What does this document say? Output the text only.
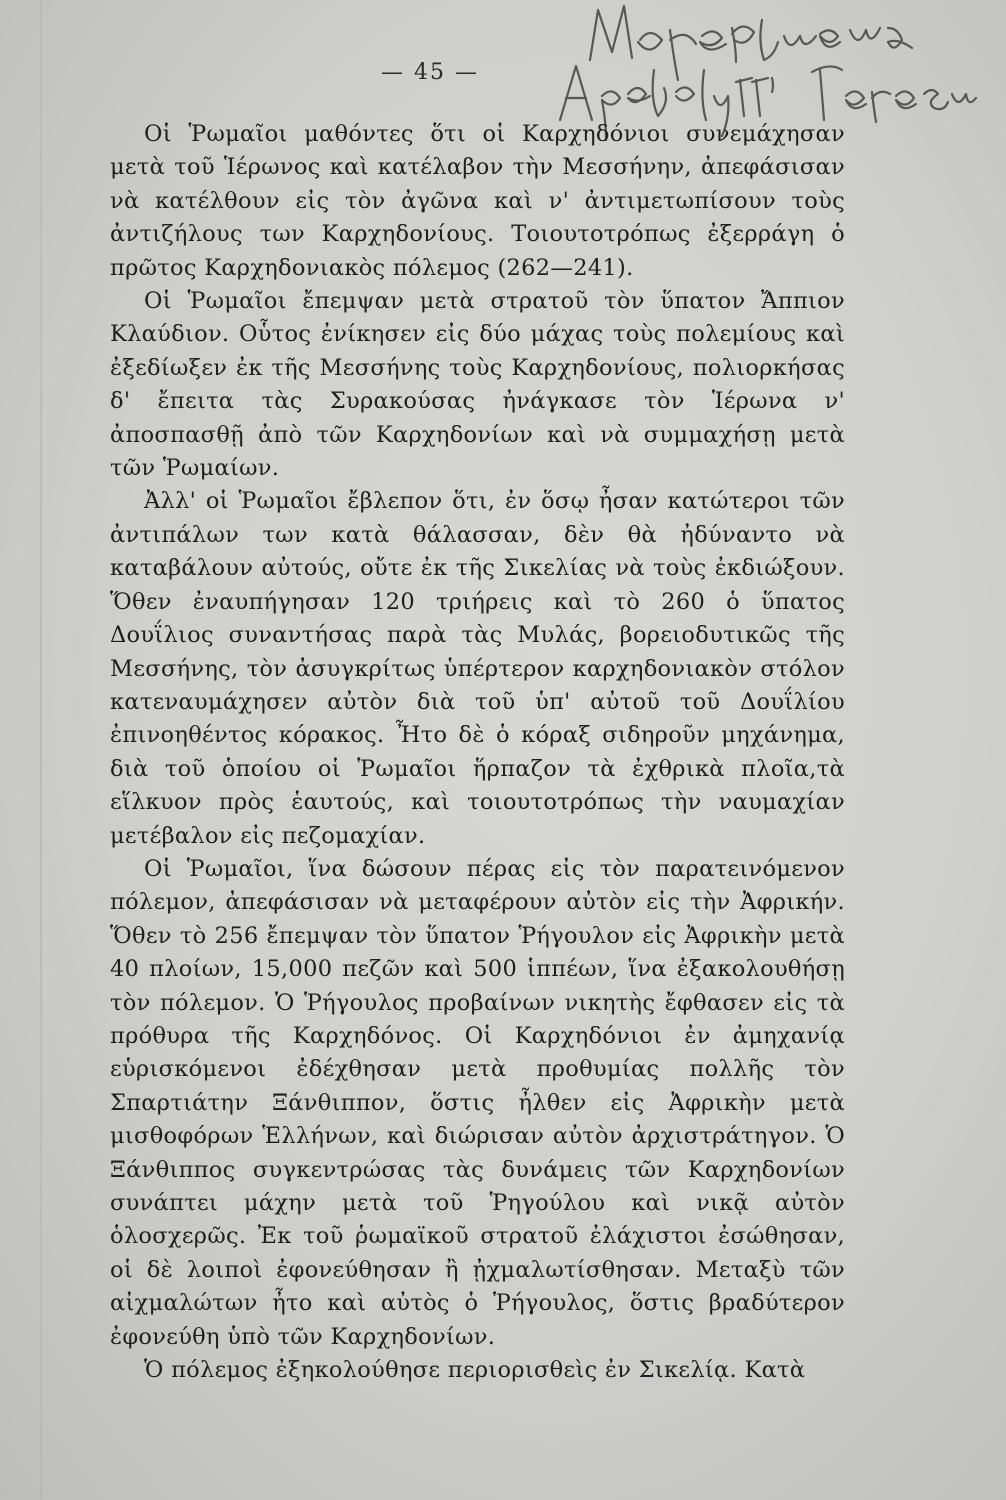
— 45 —

Οἱ Ῥωμαῖοι μαθόντες ὅτι οἱ Καρχηδόνιοι συνεμάχησαν μετὰ τοῦ Ἱέρωνος καὶ κατέλαβον τὴν Μεσσήνην, ἀπεφάσισαν νὰ κατέλθουν εἰς τὸν ἀγῶνα καὶ ν' ἀντιμετωπίσουν τοὺς ἀντιζήλους των Καρχηδονίους. Τοιουτοτρόπως ἐξερράγη ὁ πρῶτος Καρχηδονιακὸς πόλεμος (262—241).

Οἱ Ῥωμαῖοι ἔπεμψαν μετὰ στρατοῦ τὸν ὕπατον Ἄππιον Κλαύδιον. Οὗτος ἐνίκησεν εἰς δύο μάχας τοὺς πολεμίους καὶ ἐξεδίωξεν ἐκ τῆς Μεσσήνης τοὺς Καρχηδονίους, πολιορκήσας δ' ἔπειτα τὰς Συρακούσας ἠνάγκασε τὸν Ἱέρωνα ν' ἀποσπασθῇ ἀπὸ τῶν Καρχηδονίων καὶ νὰ συμμαχήσῃ μετὰ τῶν Ῥωμαίων.

Ἀλλ' οἱ Ῥωμαῖοι ἔβλεπον ὅτι, ἐν ὅσῳ ἦσαν κατώτεροι τῶν ἀντιπάλων των κατὰ θάλασσαν, δὲν θὰ ἠδύναντο νὰ καταβάλουν αὐτούς, οὔτε ἐκ τῆς Σικελίας νὰ τοὺς ἐκδιώξουν. Ὅθεν ἐναυπήγησαν 120 τριήρεις καὶ τὸ 260 ὁ ὕπατος Δουΐλιος συναντήσας παρὰ τὰς Μυλάς, βορειοδυτικῶς τῆς Μεσσήνης, τὸν ἀσυγκρίτως ὑπέρτερον καρχηδονιακὸν στόλον κατεναυμάχησεν αὐτὸν διὰ τοῦ ὑπ' αὐτοῦ τοῦ Δουΐλίου ἐπινοηθέντος κόρακος. Ἦτο δὲ ὁ κόραξ σιδηροῦν μηχάνημα, διὰ τοῦ ὁποίου οἱ Ῥωμαῖοι ἥρπαζον τὰ ἐχθρικὰ πλοῖα,τὰ εἵλκυον πρὸς ἑαυτούς, καὶ τοιουτοτρόπως τὴν ναυμαχίαν μετέβαλον εἰς πεζομαχίαν.

Οἱ Ῥωμαῖοι, ἵνα δώσουν πέρας εἰς τὸν παρατεινόμενον πόλεμον, ἀπεφάσισαν νὰ μεταφέρουν αὐτὸν εἰς τὴν Ἀφρικήν. Ὅθεν τὸ 256 ἔπεμψαν τὸν ὕπατον Ῥήγουλον εἰς Ἀφρικὴν μετὰ 40 πλοίων, 15,000 πεζῶν καὶ 500 ἱππέων, ἵνα ἐξακολουθήσῃ τὸν πόλεμον. Ὁ Ῥήγουλος προβαίνων νικητὴς ἔφθασεν εἰς τὰ πρόθυρα τῆς Καρχηδόνος. Οἱ Καρχηδόνιοι ἐν ἀμηχανίᾳ εὑρισκόμενοι ἐδέχθησαν μετὰ προθυμίας πολλῆς τὸν Σπαρτιάτην Ξάνθιππον, ὅστις ἦλθεν εἰς Ἀφρικὴν μετὰ μισθοφόρων Ἑλλήνων, καὶ διώρισαν αὐτὸν ἀρχιστράτηγον. Ὁ Ξάνθιππος συγκεντρώσας τὰς δυνάμεις τῶν Καρχηδονίων συνάπτει μάχην μετὰ τοῦ Ῥηγούλου καὶ νικᾷ αὐτὸν ὁλοσχερῶς. Ἐκ τοῦ ῥωμαϊκοῦ στρατοῦ ἐλάχιστοι ἐσώθησαν, οἱ δὲ λοιποὶ ἐφονεύθησαν ἢ ᾐχμαλωτίσθησαν. Μεταξὺ τῶν αἰχμαλώτων ἦτο καὶ αὐτὸς ὁ Ῥήγουλος, ὅστις βραδύτερον ἐφονεύθη ὑπὸ τῶν Καρχηδονίων.

Ὁ πόλεμος ἐξηκολούθησε περιορισθεὶς ἐν Σικελίᾳ. Κατὰ
